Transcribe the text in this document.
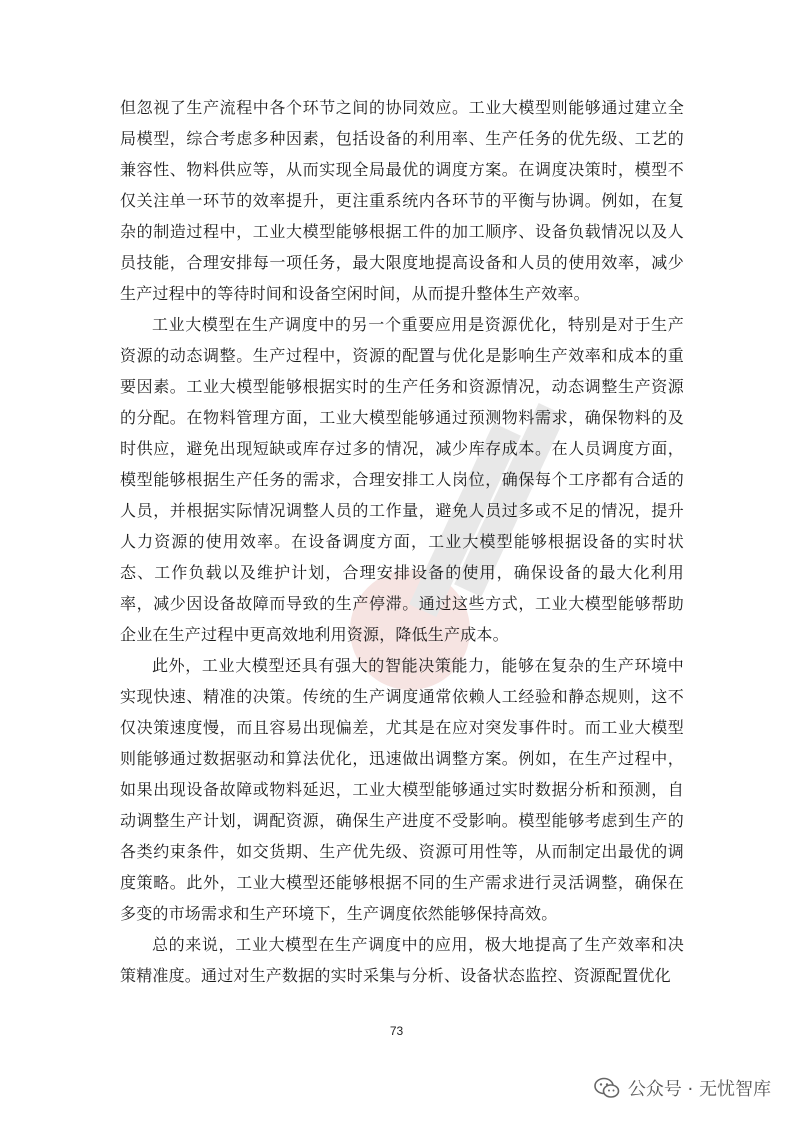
但忽视了生产流程中各个环节之间的协同效应。工业大模型则能够通过建立全局模型，综合考虑多种因素，包括设备的利用率、生产任务的优先级、工艺的兼容性、物料供应等，从而实现全局最优的调度方案。在调度决策时，模型不仅关注单一环节的效率提升，更注重系统内各环节的平衡与协调。例如，在复杂的制造过程中，工业大模型能够根据工件的加工顺序、设备负载情况以及人员技能，合理安排每一项任务，最大限度地提高设备和人员的使用效率，减少生产过程中的等待时间和设备空闲时间，从而提升整体生产效率。

工业大模型在生产调度中的另一个重要应用是资源优化，特别是对于生产资源的动态调整。生产过程中，资源的配置与优化是影响生产效率和成本的重要因素。工业大模型能够根据实时的生产任务和资源情况，动态调整生产资源的分配。在物料管理方面，工业大模型能够通过预测物料需求，确保物料的及时供应，避免出现短缺或库存过多的情况，减少库存成本。在人员调度方面，模型能够根据生产任务的需求，合理安排工人岗位，确保每个工序都有合适的人员，并根据实际情况调整人员的工作量，避免人员过多或不足的情况，提升人力资源的使用效率。在设备调度方面，工业大模型能够根据设备的实时状态、工作负载以及维护计划，合理安排设备的使用，确保设备的最大化利用率，减少因设备故障而导致的生产停滞。通过这些方式，工业大模型能够帮助企业在生产过程中更高效地利用资源，降低生产成本。

此外，工业大模型还具有强大的智能决策能力，能够在复杂的生产环境中实现快速、精准的决策。传统的生产调度通常依赖人工经验和静态规则，这不仅决策速度慢，而且容易出现偏差，尤其是在应对突发事件时。而工业大模型则能够通过数据驱动和算法优化，迅速做出调整方案。例如，在生产过程中，如果出现设备故障或物料延迟，工业大模型能够通过实时数据分析和预测，自动调整生产计划，调配资源，确保生产进度不受影响。模型能够考虑到生产的各类约束条件，如交货期、生产优先级、资源可用性等，从而制定出最优的调度策略。此外，工业大模型还能够根据不同的生产需求进行灵活调整，确保在多变的市场需求和生产环境下，生产调度依然能够保持高效。

总的来说，工业大模型在生产调度中的应用，极大地提高了生产效率和决策精准度。通过对生产数据的实时采集与分析、设备状态监控、资源配置优化

73
公众号 · 无忧智库
